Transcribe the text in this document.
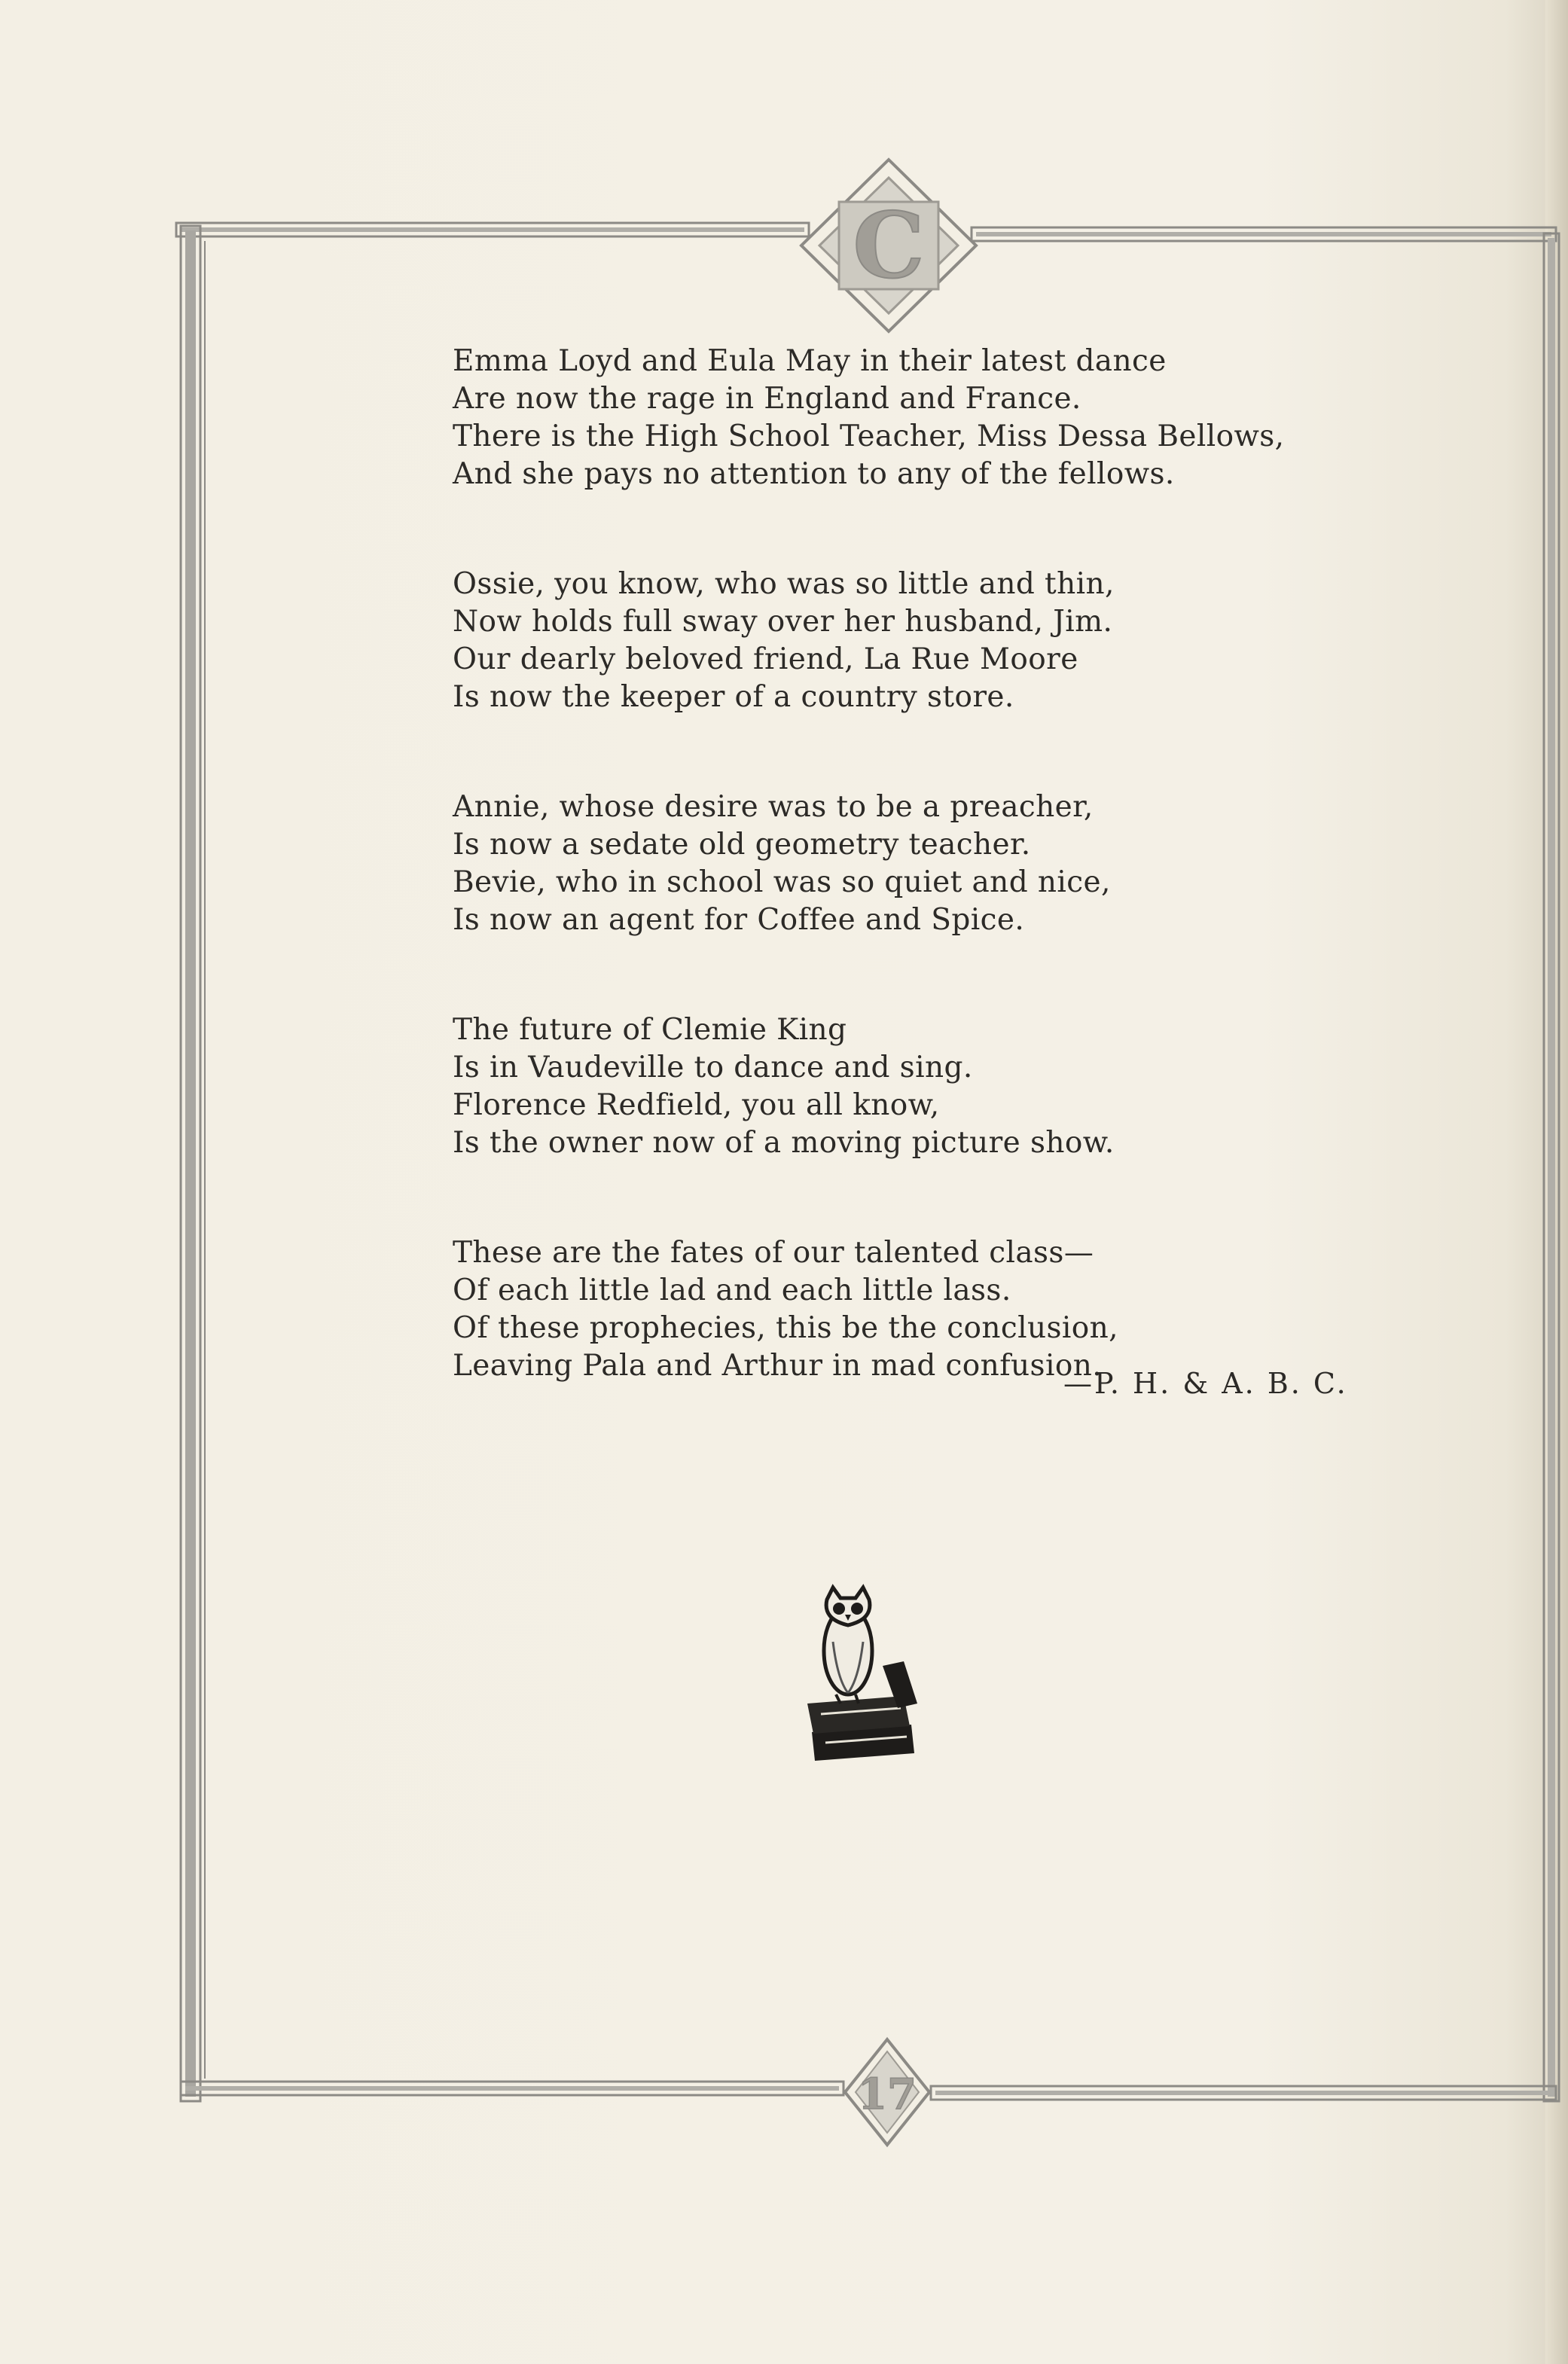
C
17
Emma Loyd and Eula May in their latest dance
Are now the rage in England and France.
There is the High School Teacher, Miss Dessa Bellows,
And she pays no attention to any of the fellows.
Ossie, you know, who was so little and thin,
Now holds full sway over her husband, Jim.
Our dearly beloved friend, La Rue Moore
Is now the keeper of a country store.
Annie, whose desire was to be a preacher,
Is now a sedate old geometry teacher.
Bevie, who in school was so quiet and nice,
Is now an agent for Coffee and Spice.
The future of Clemie King
Is in Vaudeville to dance and sing.
Florence Redfield, you all know,
Is the owner now of a moving picture show.
These are the fates of our talented class—
Of each little lad and each little lass.
Of these prophecies, this be the conclusion,
Leaving Pala and Arthur in mad confusion.
—P. H. & A. B. C.
